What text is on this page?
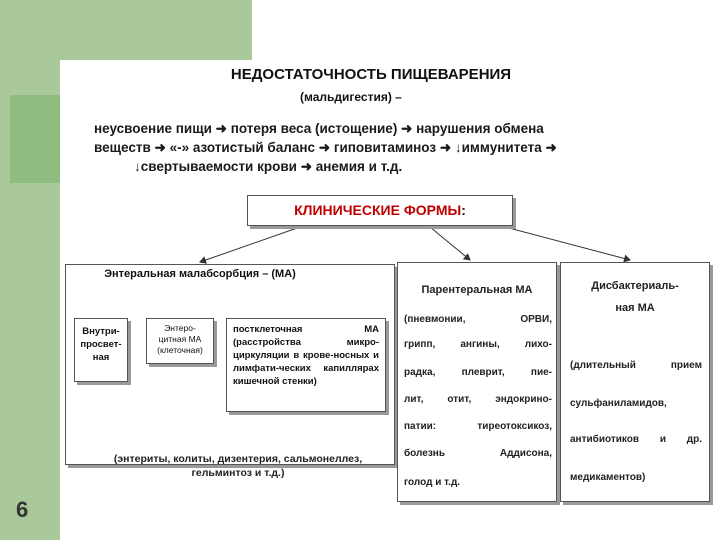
НЕДОСТАТОЧНОСТЬ ПИЩЕВАРЕНИЯ
(мальдигестия) –
неусвоение пищи ➜ потеря веса (истощение) ➜ нарушения обмена
веществ ➜ «-» азотистый баланс ➜ гиповитаминоз ➜ ↓иммунитета ➜
↓свертываемости крови ➜ анемия и т.д.
КЛИНИЧЕСКИЕ ФОРМЫ:
Энтеральная малабсорбция – (МА)
Внутри-
просвет-
ная
Энтеро-
цитная МА
(клеточная)
постклеточная МА (расстройства микро-циркуляции в крове-носных и лимфати-ческих капиллярах кишечной стенки)
(энтериты, колиты, дизентерия, сальмонеллез,
гельминтоз и т.д.)
Парентеральная МА	Дисбактериаль-
ная МА
6
(пневмонии,	ОРВИ,
грипп,	ангины,	лихо-
радка,	плеврит,	пие-
лит, отит, эндокрино-
патии:	тиреотоксикоз,
болезнь	Аддисона,
голод и т.д.
(длительный	прием
сульфаниламидов,
антибиотиков и др.
медикаментов)
